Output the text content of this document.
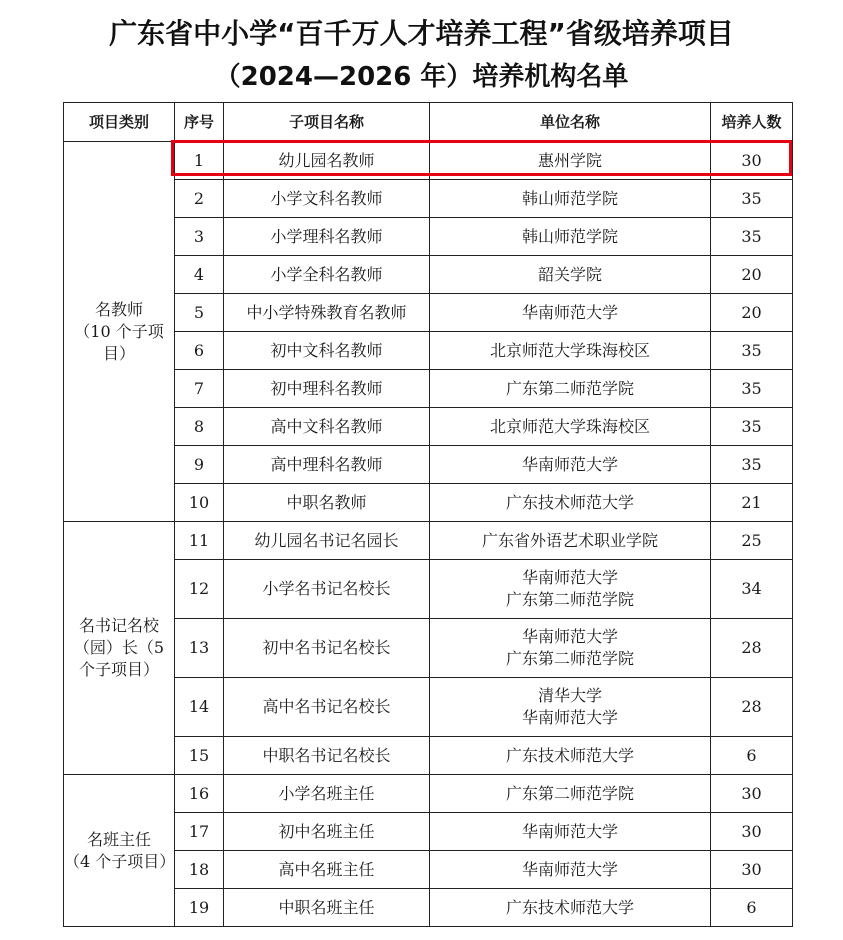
广东省中小学“百千万人才培养工程”省级培养项目
（2024—2026 年）培养机构名单
项目类别	序号	子项目名称	单位名称	培养人数

名教师
（10 个子项
目）	1	幼儿园名教师	惠州学院	30
	2	小学文科名教师	韩山师范学院	35
	3	小学理科名教师	韩山师范学院	35
	4	小学全科名教师	韶关学院	20
	5	中小学特殊教育名教师	华南师范大学	20
	6	初中文科名教师	北京师范大学珠海校区	35
	7	初中理科名教师	广东第二师范学院	35
	8	高中文科名教师	北京师范大学珠海校区	35
	9	高中理科名教师	华南师范大学	35
	10	中职名教师	广东技术师范大学	21

名书记名校
（园）长（5
个子项目）	11	幼儿园名书记名园长	广东省外语艺术职业学院	25
	12	小学名书记名校长	华南师范大学
广东第二师范学院	34
	13	初中名书记名校长	华南师范大学
广东第二师范学院	28
	14	高中名书记名校长	清华大学
华南师范大学	28
	15	中职名书记名校长	广东技术师范大学	6

名班主任
（4 个子项目）	16	小学名班主任	广东第二师范学院	30
	17	初中名班主任	华南师范大学	30
	18	高中名班主任	华南师范大学	30
	19	中职名班主任	广东技术师范大学	6
